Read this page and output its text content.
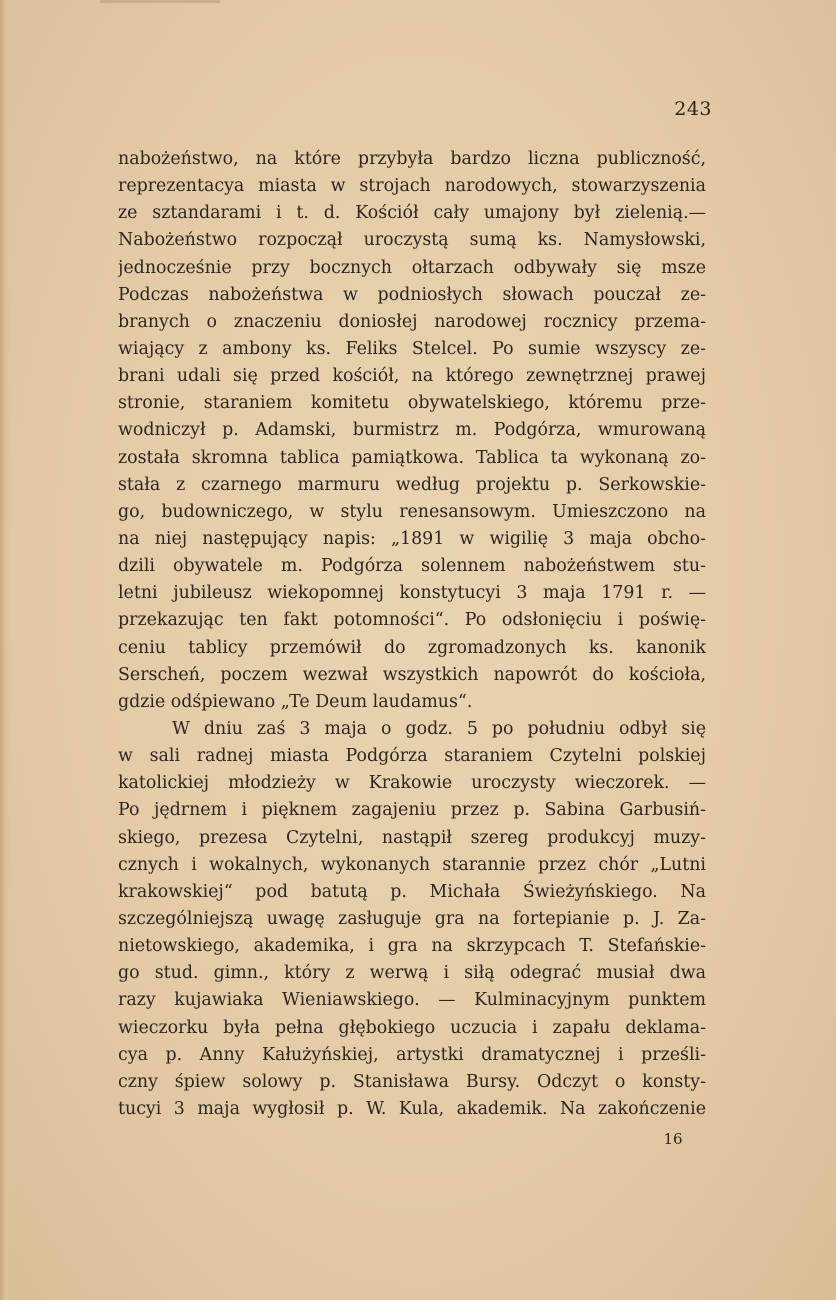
243
nabożeństwo, na które przybyła bardzo liczna publiczność,
reprezentacya miasta w strojach narodowych, stowarzyszenia
ze sztandarami i t. d. Kościół cały umajony był zielenią.—
Nabożeństwo rozpoczął uroczystą sumą ks. Namysłowski,
jednocześnie przy bocznych ołtarzach odbywały się msze
Podczas nabożeństwa w podniosłych słowach pouczał ze-
branych o znaczeniu doniosłej narodowej rocznicy przema-
wiający z ambony ks. Feliks Stelcel. Po sumie wszyscy ze-
brani udali się przed kościół, na którego zewnętrznej prawej
stronie, staraniem komitetu obywatelskiego, któremu prze-
wodniczył p. Adamski, burmistrz m. Podgórza, wmurowaną
została skromna tablica pamiątkowa. Tablica ta wykonaną zo-
stała z czarnego marmuru według projektu p. Serkowskie-
go, budowniczego, w stylu renesansowym. Umieszczono na
na niej następujący napis: „1891 w wigilię 3 maja obcho-
dzili obywatele m. Podgórza solennem nabożeństwem stu-
letni jubileusz wiekopomnej konstytucyi 3 maja 1791 r. —
przekazując ten fakt potomności“. Po odsłonięciu i poświę-
ceniu tablicy przemówił do zgromadzonych ks. kanonik
Serscheń, poczem wezwał wszystkich napowrót do kościoła,
gdzie odśpiewano „Te Deum laudamus“.
W dniu zaś 3 maja o godz. 5 po południu odbył się
w sali radnej miasta Podgórza staraniem Czytelni polskiej
katolickiej młodzieży w Krakowie uroczysty wieczorek. —
Po jędrnem i pięknem zagajeniu przez p. Sabina Garbusiń-
skiego, prezesa Czytelni, nastąpił szereg produkcyj muzy-
cznych i wokalnych, wykonanych starannie przez chór „Lutni
krakowskiej“ pod batutą p. Michała Świeżyńskiego. Na
szczególniejszą uwagę zasługuje gra na fortepianie p. J. Za-
nietowskiego, akademika, i gra na skrzypcach T. Stefańskie-
go stud. gimn., który z werwą i siłą odegrać musiał dwa
razy kujawiaka Wieniawskiego. — Kulminacyjnym punktem
wieczorku była pełna głębokiego uczucia i zapału deklama-
cya p. Anny Kałużyńskiej, artystki dramatycznej i prześli-
czny śpiew solowy p. Stanisława Bursy. Odczyt o konsty-
tucyi 3 maja wygłosił p. W. Kula, akademik. Na zakończenie
16
